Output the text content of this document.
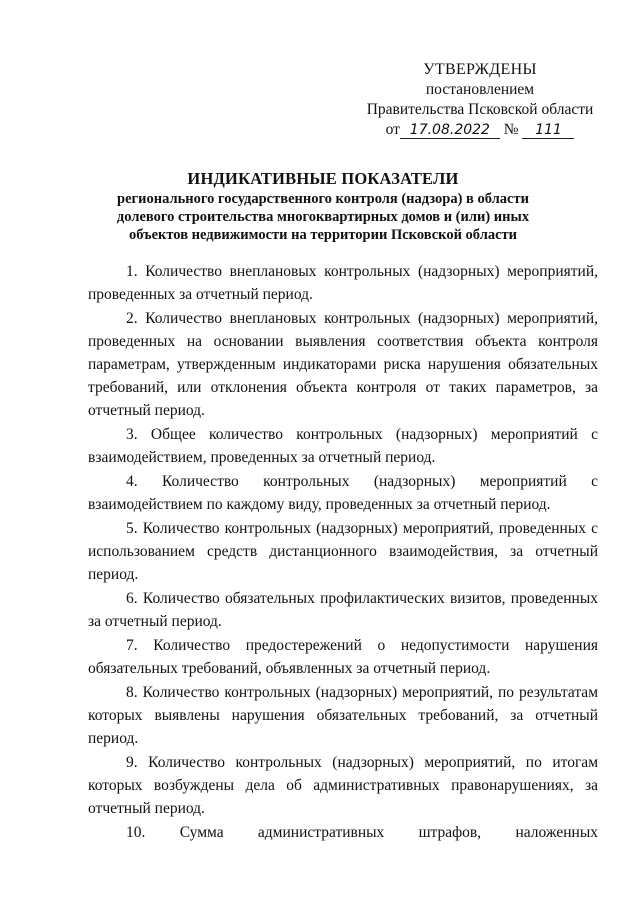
УТВЕРЖДЕНЫ
постановлением
Правительства Псковской области
от 17.08.2022 № 111
ИНДИКАТИВНЫЕ ПОКАЗАТЕЛИ
регионального государственного контроля (надзора) в области долевого строительства многоквартирных домов и (или) иных объектов недвижимости на территории Псковской области

1. Количество внеплановых контрольных (надзорных) мероприятий, проведенных за отчетный период.

2. Количество внеплановых контрольных (надзорных) мероприятий, проведенных на основании выявления соответствия объекта контроля параметрам, утвержденным индикаторами риска нарушения обязательных требований, или отклонения объекта контроля от таких параметров, за отчетный период.

3. Общее количество контрольных (надзорных) мероприятий с взаимодействием, проведенных за отчетный период.

4. Количество контрольных (надзорных) мероприятий с взаимодействием по каждому виду, проведенных за отчетный период.

5. Количество контрольных (надзорных) мероприятий, проведенных с использованием средств дистанционного взаимодействия, за отчетный период.

6. Количество обязательных профилактических визитов, проведенных за отчетный период.

7. Количество предостережений о недопустимости нарушения обязательных требований, объявленных за отчетный период.

8. Количество контрольных (надзорных) мероприятий, по результатам которых выявлены нарушения обязательных требований, за отчетный период.

9. Количество контрольных (надзорных) мероприятий, по итогам которых возбуждены дела об административных правонарушениях, за отчетный период.

10. Сумма административных штрафов, наложенных
